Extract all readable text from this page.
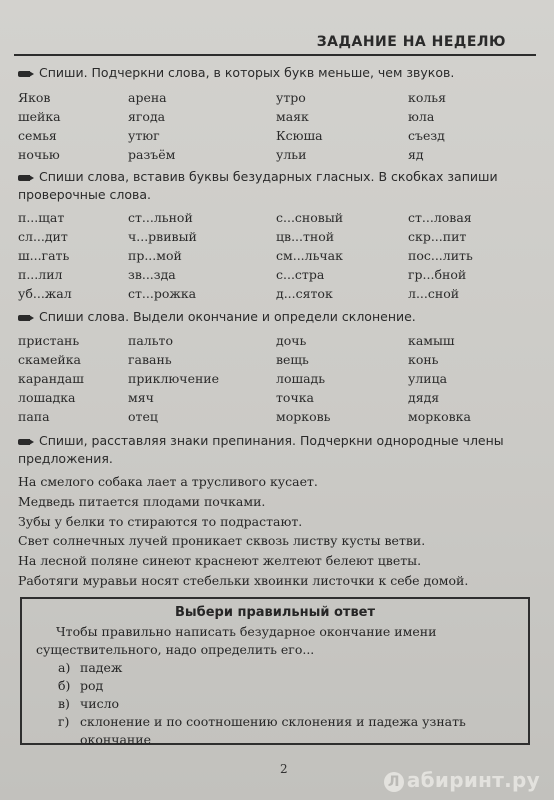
ЗАДАНИЕ НА НЕДЕЛЮ
Спиши. Подчеркни слова, в которых букв меньше, чем звуков.
Яков	арена	утро	колья
шейка	ягода	маяк	юла
семья	утюг	Ксюша	съезд
ночью	разъём	ульи	яд
Спиши слова, вставив буквы безударных гласных. В скобках запиши проверочные слова.
п...щат	ст...льной	с...сновый	ст...ловая
сл...дит	ч...рвивый	цв...тной	скр...пит
ш...гать	пр...мой	см...льчак	пос...лить
п...лил	зв...зда	с...стра	гр...бной
уб...жал	ст...рожка	д...сяток	л...сной
Спиши слова. Выдели окончание и определи склонение.
пристань	пальто	дочь	камыш
скамейка	гавань	вещь	конь
карандаш	приключение	лошадь	улица
лошадка	мяч	точка	дядя
папа	отец	морковь	морковка
Спиши, расставляя знаки препинания. Подчеркни однородные члены предложения.
На смелого собака лает а трусливого кусает.
Медведь питается плодами почками.
Зубы у белки то стираются то подрастают.
Свет солнечных лучей проникает сквозь листву кусты ветви.
На лесной поляне синеют краснеют желтеют белеют цветы.
Работяги муравьи носят стебельки хвоинки листочки к себе домой.
Выбери правильный ответ
Чтобы правильно написать безударное окончание имени существительного, надо определить его...
а) падеж
б) род
в) число
г) склонение и по соотношению склонения и падежа узнать окончание
2
Л абиринт.ру
